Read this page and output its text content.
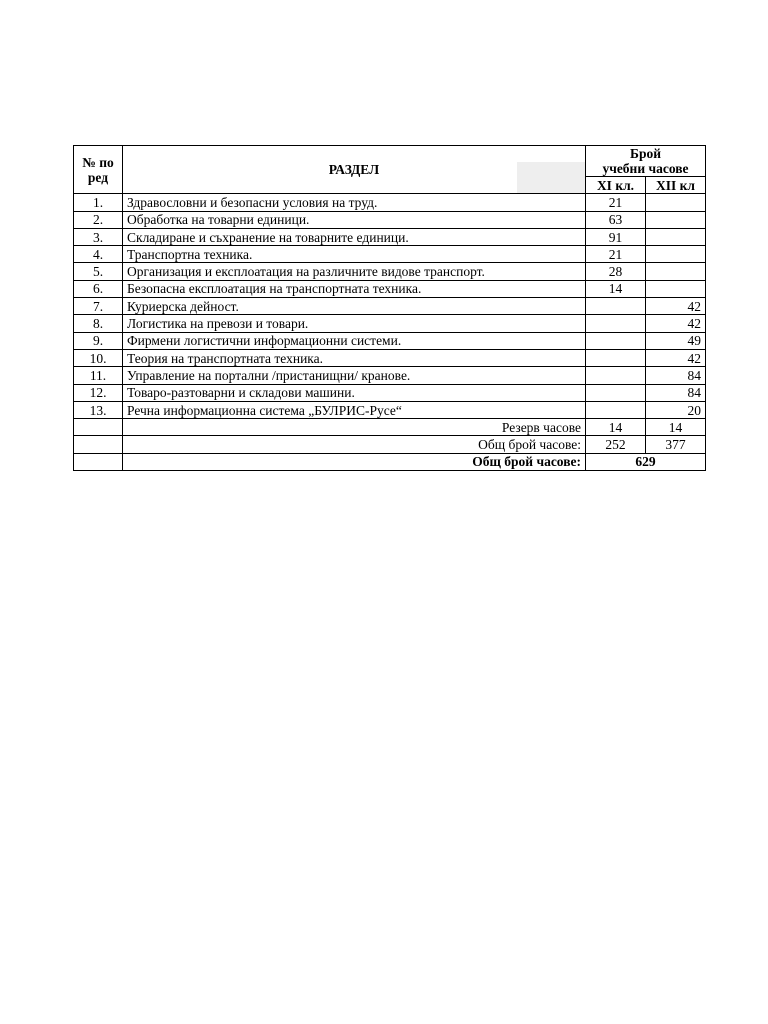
№ по
ред	РАЗДЕЛ	Брой
учебни часове	
		XI кл.	XII кл
1.	Здравословни и безопасни условия на труд.	21	
2.	Обработка на товарни единици.	63	
3.	Складиране и съхранение на товарните единици.	91	
4.	Транспортна техника.	21	
5.	Организация и експлоатация на различните видове транспорт.	28	
6.	Безопасна експлоатация на транспортната техника.	14	
7.	Куриерска дейност.		42
8.	Логистика на превози и товари.		42
9.	Фирмени логистични информационни системи.		49
10.	Теория на транспортната техника.		42
11.	Управление на портални /пристанищни/ кранове.		84
12.	Товаро-разтоварни и складови машини.		84
13.	Речна информационна система „БУЛРИС-Русе“		20
	Резерв часове	14	14
	Общ брой часове:	252	377
	Общ брой часове:	629	
